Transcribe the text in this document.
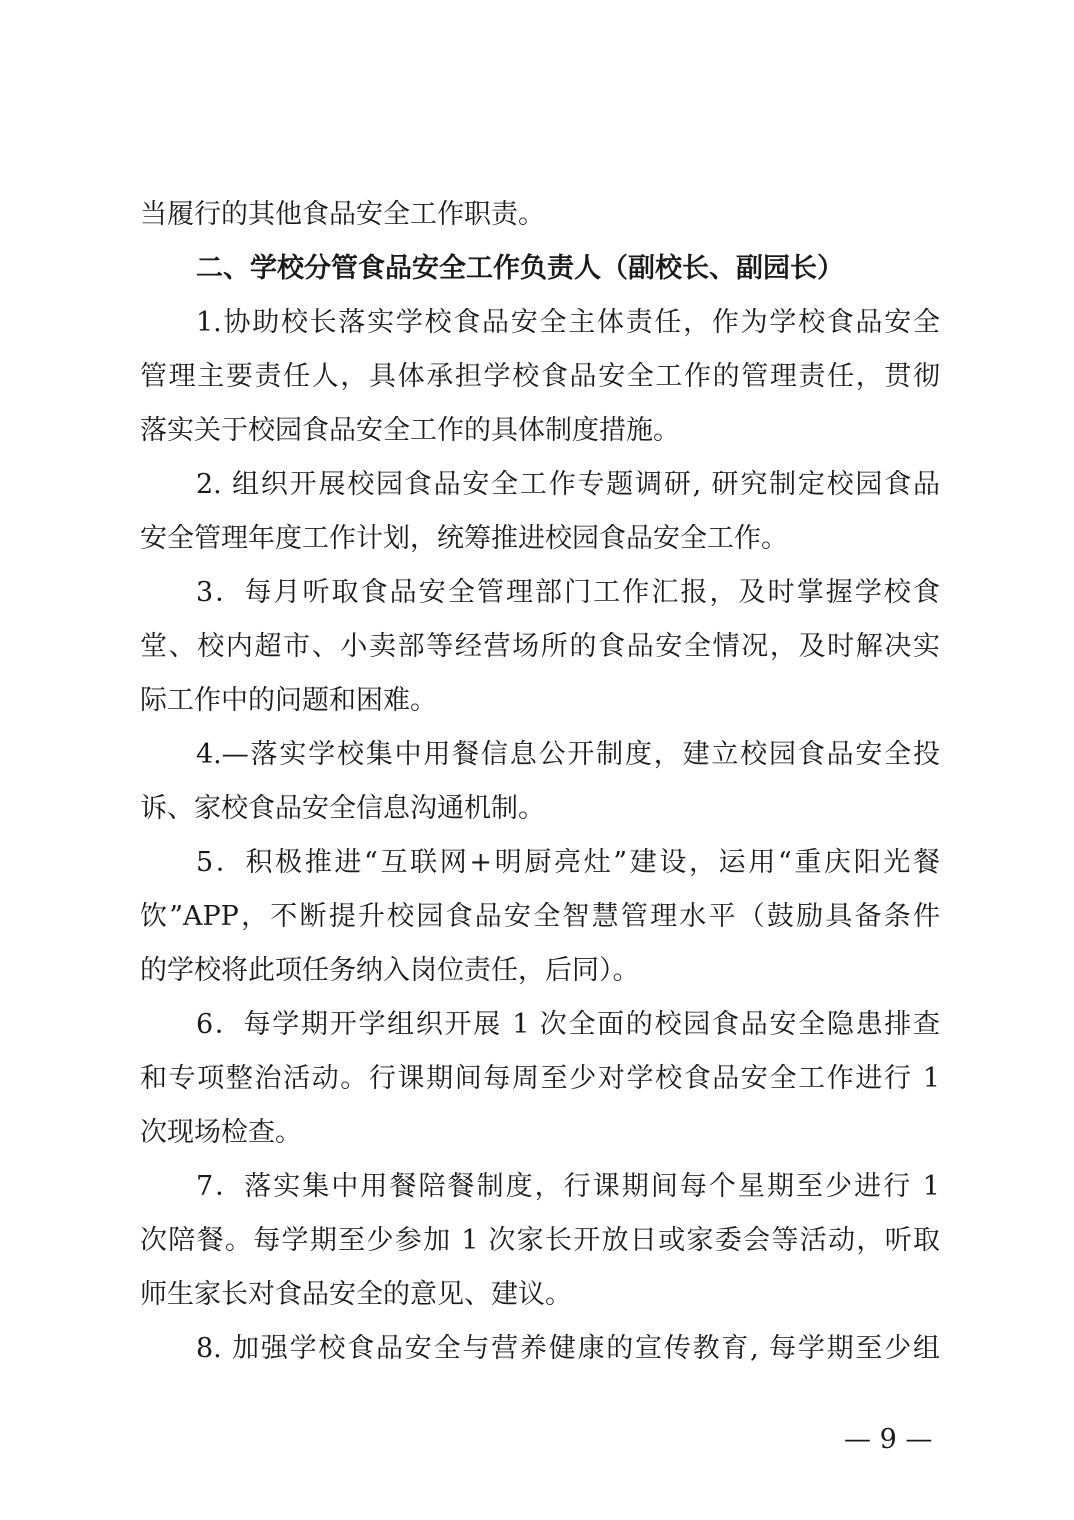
当履行的其他食品安全工作职责。
二、学校分管食品安全工作负责人（副校长、副园长）
1.协助校长落实学校食品安全主体责任，作为学校食品安全
管理主要责任人，具体承担学校食品安全工作的管理责任，贯彻
落实关于校园食品安全工作的具体制度措施。
2. 组织开展校园食品安全工作专题调研, 研究制定校园食品
安全管理年度工作计划，统筹推进校园食品安全工作。
3．每月听取食品安全管理部门工作汇报，及时掌握学校食
堂、校内超市、小卖部等经营场所的食品安全情况，及时解决实
际工作中的问题和困难。
4.—落实学校集中用餐信息公开制度，建立校园食品安全投
诉、家校食品安全信息沟通机制。
5．积极推进“互联网+明厨亮灶”建设，运用“重庆阳光餐
饮”APP，不断提升校园食品安全智慧管理水平（鼓励具备条件
的学校将此项任务纳入岗位责任，后同）。
6．每学期开学组织开展 1 次全面的校园食品安全隐患排查
和专项整治活动。行课期间每周至少对学校食品安全工作进行 1
次现场检查。
7．落实集中用餐陪餐制度，行课期间每个星期至少进行 1
次陪餐。每学期至少参加 1 次家长开放日或家委会等活动，听取
师生家长对食品安全的意见、建议。
8. 加强学校食品安全与营养健康的宣传教育, 每学期至少组
— 9 —
